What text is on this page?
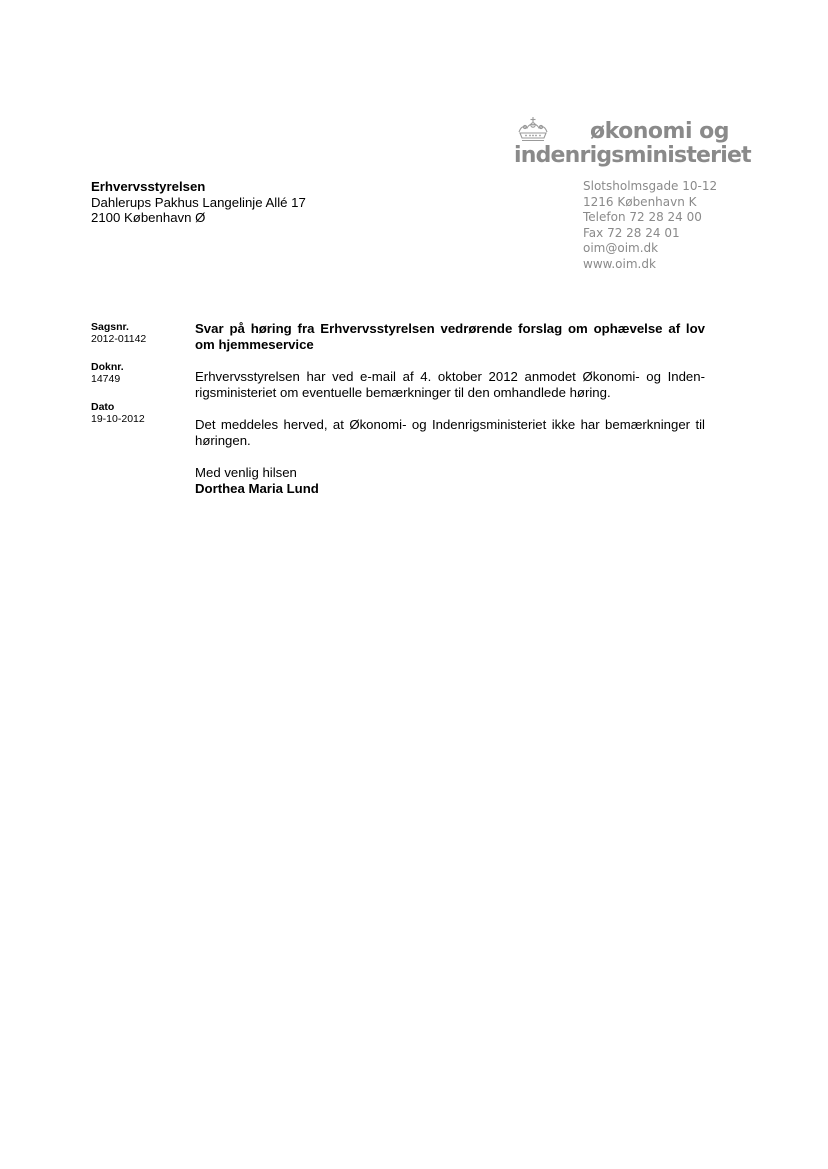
økonomi og
indenrigsministeriet
Slotsholmsgade 10-12
1216 København K
Telefon 72 28 24 00
Fax 72 28 24 01
oim@oim.dk
www.oim.dk
Erhvervsstyrelsen
Dahlerups Pakhus Langelinje Allé 17
2100 København Ø
Sagsnr.
2012-01142
Doknr.
14749
Dato
19-10-2012
Svar på høring fra Erhvervsstyrelsen vedrørende forslag om ophævelse af lov om hjemmeservice

Erhvervsstyrelsen har ved e-mail af 4. oktober 2012 anmodet Økonomi- og Inden-rigsministeriet om eventuelle bemærkninger til den omhandlede høring.

Det meddeles herved, at Økonomi- og Indenrigsministeriet ikke har bemærkninger til høringen.

Med venlig hilsen
Dorthea Maria Lund
